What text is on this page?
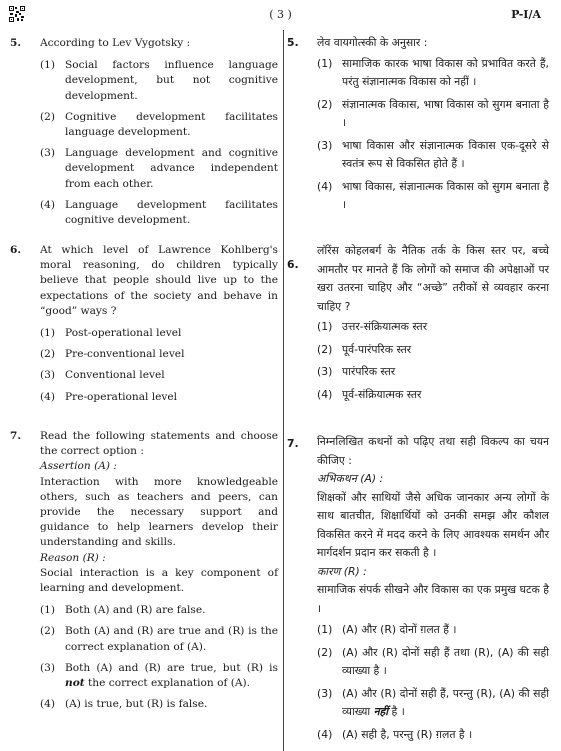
( 3 )	P-I/A
5. According to Lev Vygotsky :
(1) Social factors influence language development, but not cognitive development.
(2) Cognitive development facilitates language development.
(3) Language development and cognitive development advance independent from each other.
(4) Language development facilitates cognitive development.
6. At which level of Lawrence Kohlberg's moral reasoning, do children typically believe that people should live up to the expectations of the society and behave in “good” ways ?
(1) Post-operational level
(2) Pre-conventional level
(3) Conventional level
(4) Pre-operational level
7. Read the following statements and choose the correct option :
Assertion (A) :
Interaction with more knowledgeable others, such as teachers and peers, can provide the necessary support and guidance to help learners develop their understanding and skills.
Reason (R) :
Social interaction is a key component of learning and development.
(1) Both (A) and (R) are false.
(2) Both (A) and (R) are true and (R) is the correct explanation of (A).
(3) Both (A) and (R) are true, but (R) is not the correct explanation of (A).
(4) (A) is true, but (R) is false.
5. लेव वायगोत्स्की के अनुसार :
(1) सामाजिक कारक भाषा विकास को प्रभावित करते हैं, परंतु संज्ञानात्मक विकास को नहीं ।
(2) संज्ञानात्मक विकास, भाषा विकास को सुगम बनाता है ।
(3) भाषा विकास और संज्ञानात्मक विकास एक-दूसरे से स्वतंत्र रूप से विकसित होते हैं ।
(4) भाषा विकास, संज्ञानात्मक विकास को सुगम बनाता है ।
6.
लॉरेंस कोहलबर्ग के नैतिक तर्क के किस स्तर पर, बच्चे आमतौर पर मानते हैं कि लोगों को समाज की अपेक्षाओं पर खरा उतरना चाहिए और “अच्छे” तरीकों से व्यवहार करना चाहिए ?
(1) उत्तर-संक्रियात्मक स्तर
(2) पूर्व-पारंपरिक स्तर
(3) पारंपरिक स्तर
(4) पूर्व-संक्रियात्मक स्तर
7. निम्नलिखित कथनों को पढ़िए तथा सही विकल्प का चयन कीजिए :
अभिकथन (A) :
शिक्षकों और साथियों जैसे अधिक जानकार अन्य लोगों के साथ बातचीत, शिक्षार्थियों को उनकी समझ और कौशल विकसित करने में मदद करने के लिए आवश्यक समर्थन और मार्गदर्शन प्रदान कर सकती है ।
कारण (R) :
सामाजिक संपर्क सीखने और विकास का एक प्रमुख घटक है ।
(1) (A) और (R) दोनों ग़लत हैं ।
(2) (A) और (R) दोनों सही हैं तथा (R), (A) की सही व्याख्या है ।
(3) (A) और (R) दोनों सही हैं, परन्तु (R), (A) की सही व्याख्या नहीं है ।
(4) (A) सही है, परन्तु (R) ग़लत है ।
